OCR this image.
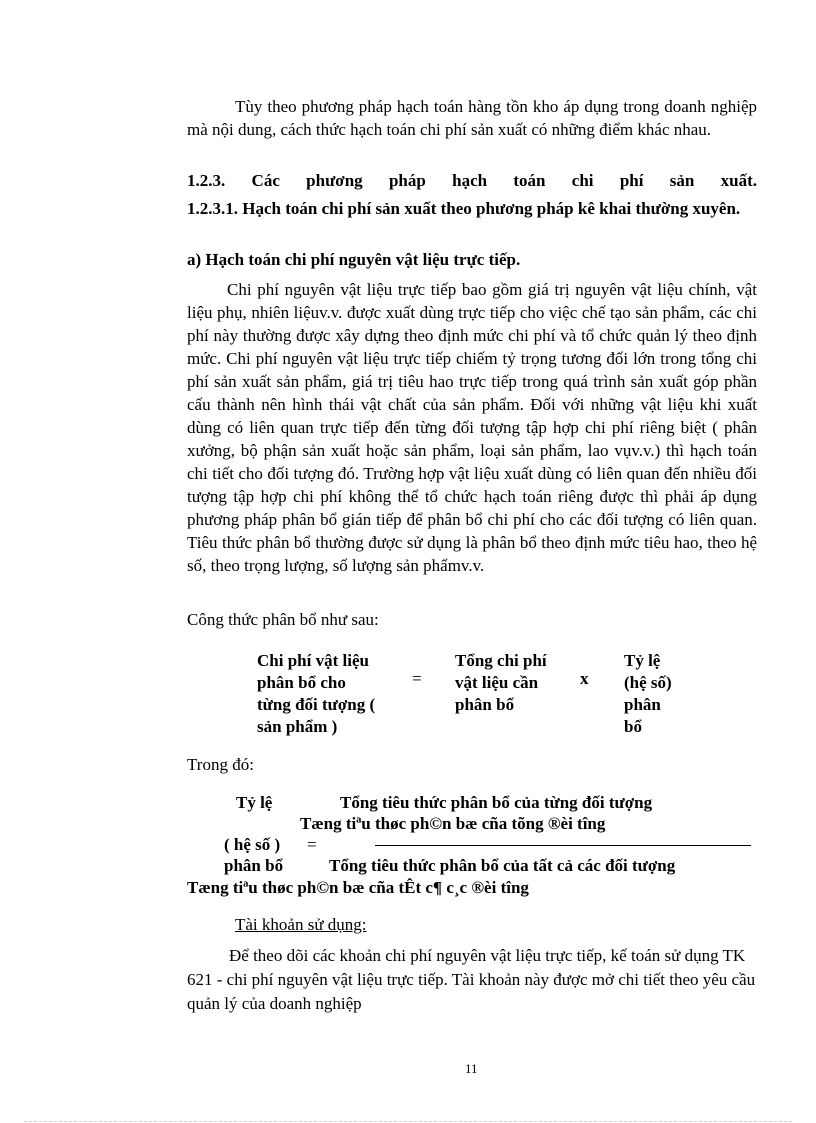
Tùy theo phương pháp hạch toán hàng tồn kho áp dụng trong doanh nghiệp mà nội dung, cách thức hạch toán chi phí sản xuất có những điểm khác nhau.

1.2.3. Các phương pháp hạch toán chi phí sản xuất.

1.2.3.1. Hạch toán chi phí sản xuất theo phương pháp kê khai thường xuyên.

a) Hạch toán chi phí nguyên vật liệu trực tiếp.

Chi phí nguyên vật liệu trực tiếp bao gồm giá trị nguyên vật liệu chính, vật liệu phụ, nhiên liệuv.v. được xuất dùng trực tiếp cho việc chế tạo sản phẩm, các chi phí này thường được xây dựng theo định mức chi phí và tổ chức quản lý theo định mức. Chi phí nguyên vật liệu trực tiếp chiếm tỷ trọng tương đối lớn trong tổng chi phí sản xuất sản phẩm, giá trị tiêu hao trực tiếp trong quá trình sản xuất góp phần cấu thành nên hình thái vật chất của sản phẩm. Đối với những vật liệu khi xuất dùng có liên quan trực tiếp đến từng đối tượng tập hợp chi phí riêng biệt ( phân xưởng, bộ phận sản xuất hoặc sản phẩm, loại sản phẩm, lao vụv.v.) thì hạch toán chi tiết cho đối tượng đó. Trường hợp vật liệu xuất dùng có liên quan đến nhiều đối tượng tập hợp chi phí không thể tổ chức hạch toán riêng được thì phải áp dụng phương pháp phân bổ gián tiếp để phân bổ chi phí cho các đối tượng có liên quan. Tiêu thức phân bổ thường được sử dụng là phân bổ theo định mức tiêu hao, theo hệ số, theo trọng lượng, số lượng sản phẩmv.v.

Công thức phân bổ như sau:

Chi phí vật liệu
phân bổ cho
từng đối tượng (
sản phẩm )
=
Tổng chi phí
vật liệu cần
phân bổ
x
Tỷ lệ
(hệ số)
phân
bổ

Trong đó:

Tỷ lệ	Tổng tiêu thức phân bổ của từng đối tượng
Tæng tiªu thøc ph©n bæ cña tõng ®èi tîng
( hệ số ) =
phân bổ	Tổng tiêu thức phân bổ của tất cả các đối tượng
Tæng tiªu thøc ph©n bæ cña tÊt c¶ c¸c ®èi tîng
Tài khoản sử dụng:

Để theo dõi các khoản chi phí nguyên vật liệu trực tiếp, kế toán sử dụng TK 621 - chi phí nguyên vật liệu trực tiếp. Tài khoản này được mở chi tiết theo yêu cầu quản lý của doanh nghiệp

11
